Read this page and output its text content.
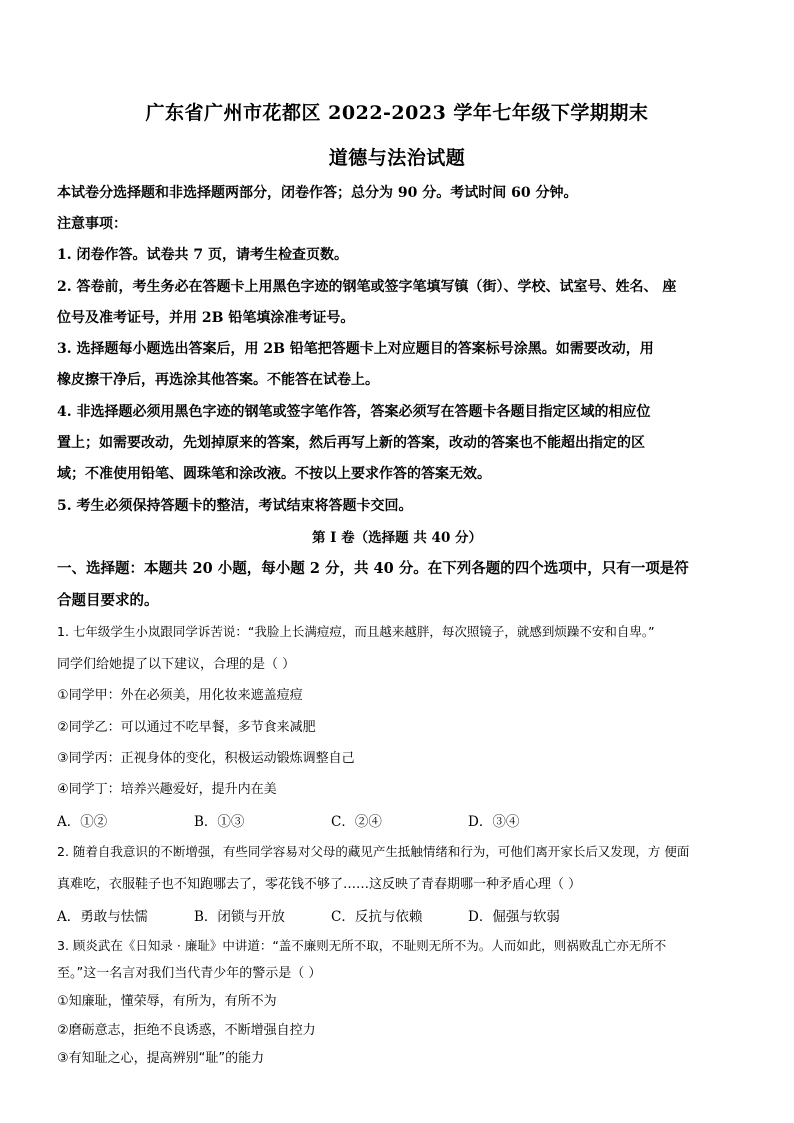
广东省广州市花都区 2022-2023 学年七年级下学期期末
道德与法治试题
本试卷分选择题和非选择题两部分，闭卷作答；总分为 90 分。考试时间 60 分钟。
注意事项：
1. 闭卷作答。试卷共 7 页，请考生检查页数。
2. 答卷前，考生务必在答题卡上用黑色字迹的钢笔或签字笔填写镇（街）、学校、试室号、姓名、 座
位号及准考证号，并用 2B 铅笔填涂准考证号。
3. 选择题每小题选出答案后，用 2B 铅笔把答题卡上对应题目的答案标号涂黑。如需要改动，用
橡皮擦干净后，再选涂其他答案。不能答在试卷上。
4. 非选择题必须用黑色字迹的钢笔或签字笔作答，答案必须写在答题卡各题目指定区域的相应位
置上；如需要改动，先划掉原来的答案，然后再写上新的答案，改动的答案也不能超出指定的区
域；不准使用铅笔、圆珠笔和涂改液。不按以上要求作答的答案无效。
5. 考生必须保持答题卡的整洁，考试结束将答题卡交回。
第 I 卷（选择题 共 40 分）
一、选择题：本题共 20 小题，每小题 2 分，共 40 分。在下列各题的四个选项中，只有一项是符
合题目要求的。
1. 七年级学生小岚跟同学诉苦说：“我脸上长满痘痘，而且越来越胖，每次照镜子，就感到烦躁不安和自卑。”
同学们给她提了以下建议，合理的是（ ）
①同学甲：外在必须美，用化妆来遮盖痘痘
②同学乙：可以通过不吃早餐，多节食来减肥
③同学丙：正视身体的变化，积极运动锻炼调整自己
④同学丁：培养兴趣爱好，提升内在美
A．①②	B．①③	C．②④	D．③④
2. 随着自我意识的不断增强，有些同学容易对父母的藏见产生抵触情绪和行为，可他们离开家长后又发现，方 便面
真难吃，衣服鞋子也不知跑哪去了，零花钱不够了……这反映了青春期哪一种矛盾心理（ ）
A．勇敢与怯懦	B．闭锁与开放	C．反抗与依赖	D．倔强与软弱
3. 顾炎武在《日知录 · 廉耻》中讲道：“盖不廉则无所不取，不耻则无所不为。人而如此，则祸败乱亡亦无所不
至。”这一名言对我们当代青少年的警示是（ ）
①知廉耻，懂荣辱，有所为，有所不为
②磨砺意志，拒绝不良诱惑，不断增强自控力
③有知耻之心，提高辨别“耻”的能力
